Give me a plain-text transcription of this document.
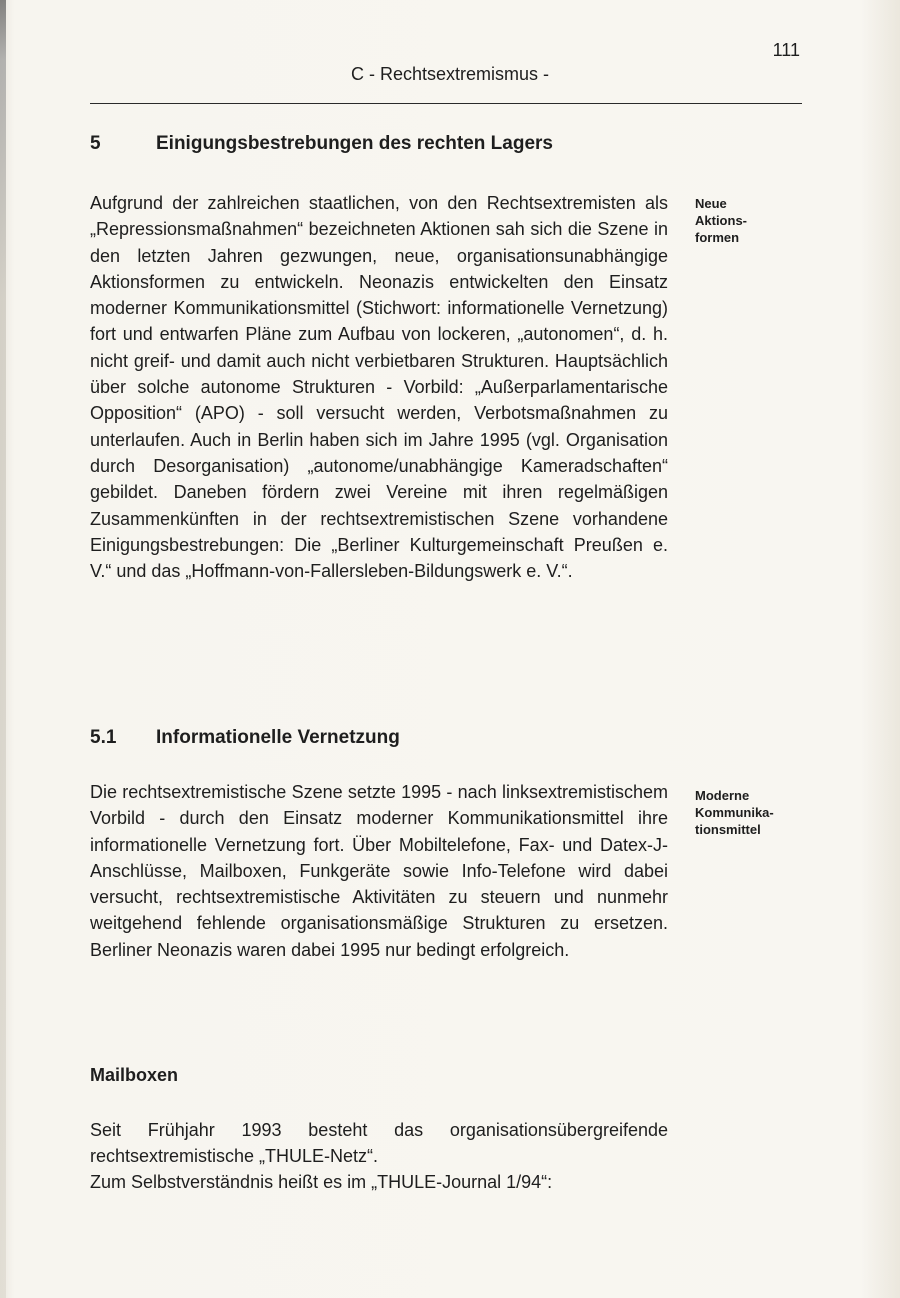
111
C - Rechtsextremismus -
5	Einigungsbestrebungen des rechten Lagers

Aufgrund der zahlreichen staatlichen, von den Rechtsextremisten als „Repressionsmaßnahmen“ bezeichneten Aktionen sah sich die Szene in den letzten Jahren gezwungen, neue, organisationsunabhängige Aktionsformen zu entwickeln. Neonazis entwickelten den Einsatz moderner Kommunikationsmittel (Stichwort: informationelle Vernetzung) fort und entwarfen Pläne zum Aufbau von lockeren, „autonomen“, d. h. nicht greif- und damit auch nicht verbietbaren Strukturen. Hauptsächlich über solche autonome Strukturen - Vorbild: „Außerparlamentarische Opposition“ (APO) - soll versucht werden, Verbotsmaßnahmen zu unterlaufen. Auch in Berlin haben sich im Jahre 1995 (vgl. Organisation durch Desorganisation) „autonome/unabhängige Kameradschaften“ gebildet. Daneben fördern zwei Vereine mit ihren regelmäßigen Zusammenkünften in der rechtsextremistischen Szene vorhandene Einigungsbestrebungen: Die „Berliner Kulturgemeinschaft Preußen e. V.“ und das „Hoffmann-von-Fallersleben-Bildungswerk e. V.“.

Neue
Aktions-
formen
5.1 Informationelle Vernetzung

Die rechtsextremistische Szene setzte 1995 - nach linksextremistischem Vorbild - durch den Einsatz moderner Kommunikationsmittel ihre informationelle Vernetzung fort. Über Mobiltelefone, Fax- und Datex-J-Anschlüsse, Mailboxen, Funkgeräte sowie Info-Telefone wird dabei versucht, rechtsextremistische Aktivitäten zu steuern und nunmehr weitgehend fehlende organisationsmäßige Strukturen zu ersetzen. Berliner Neonazis waren dabei 1995 nur bedingt erfolgreich.

Moderne
Kommunika-
tionsmittel
Mailboxen

Seit Frühjahr 1993 besteht das organisationsübergreifende rechtsextremistische „THULE-Netz“.

Zum Selbstverständnis heißt es im „THULE-Journal 1/94“:
